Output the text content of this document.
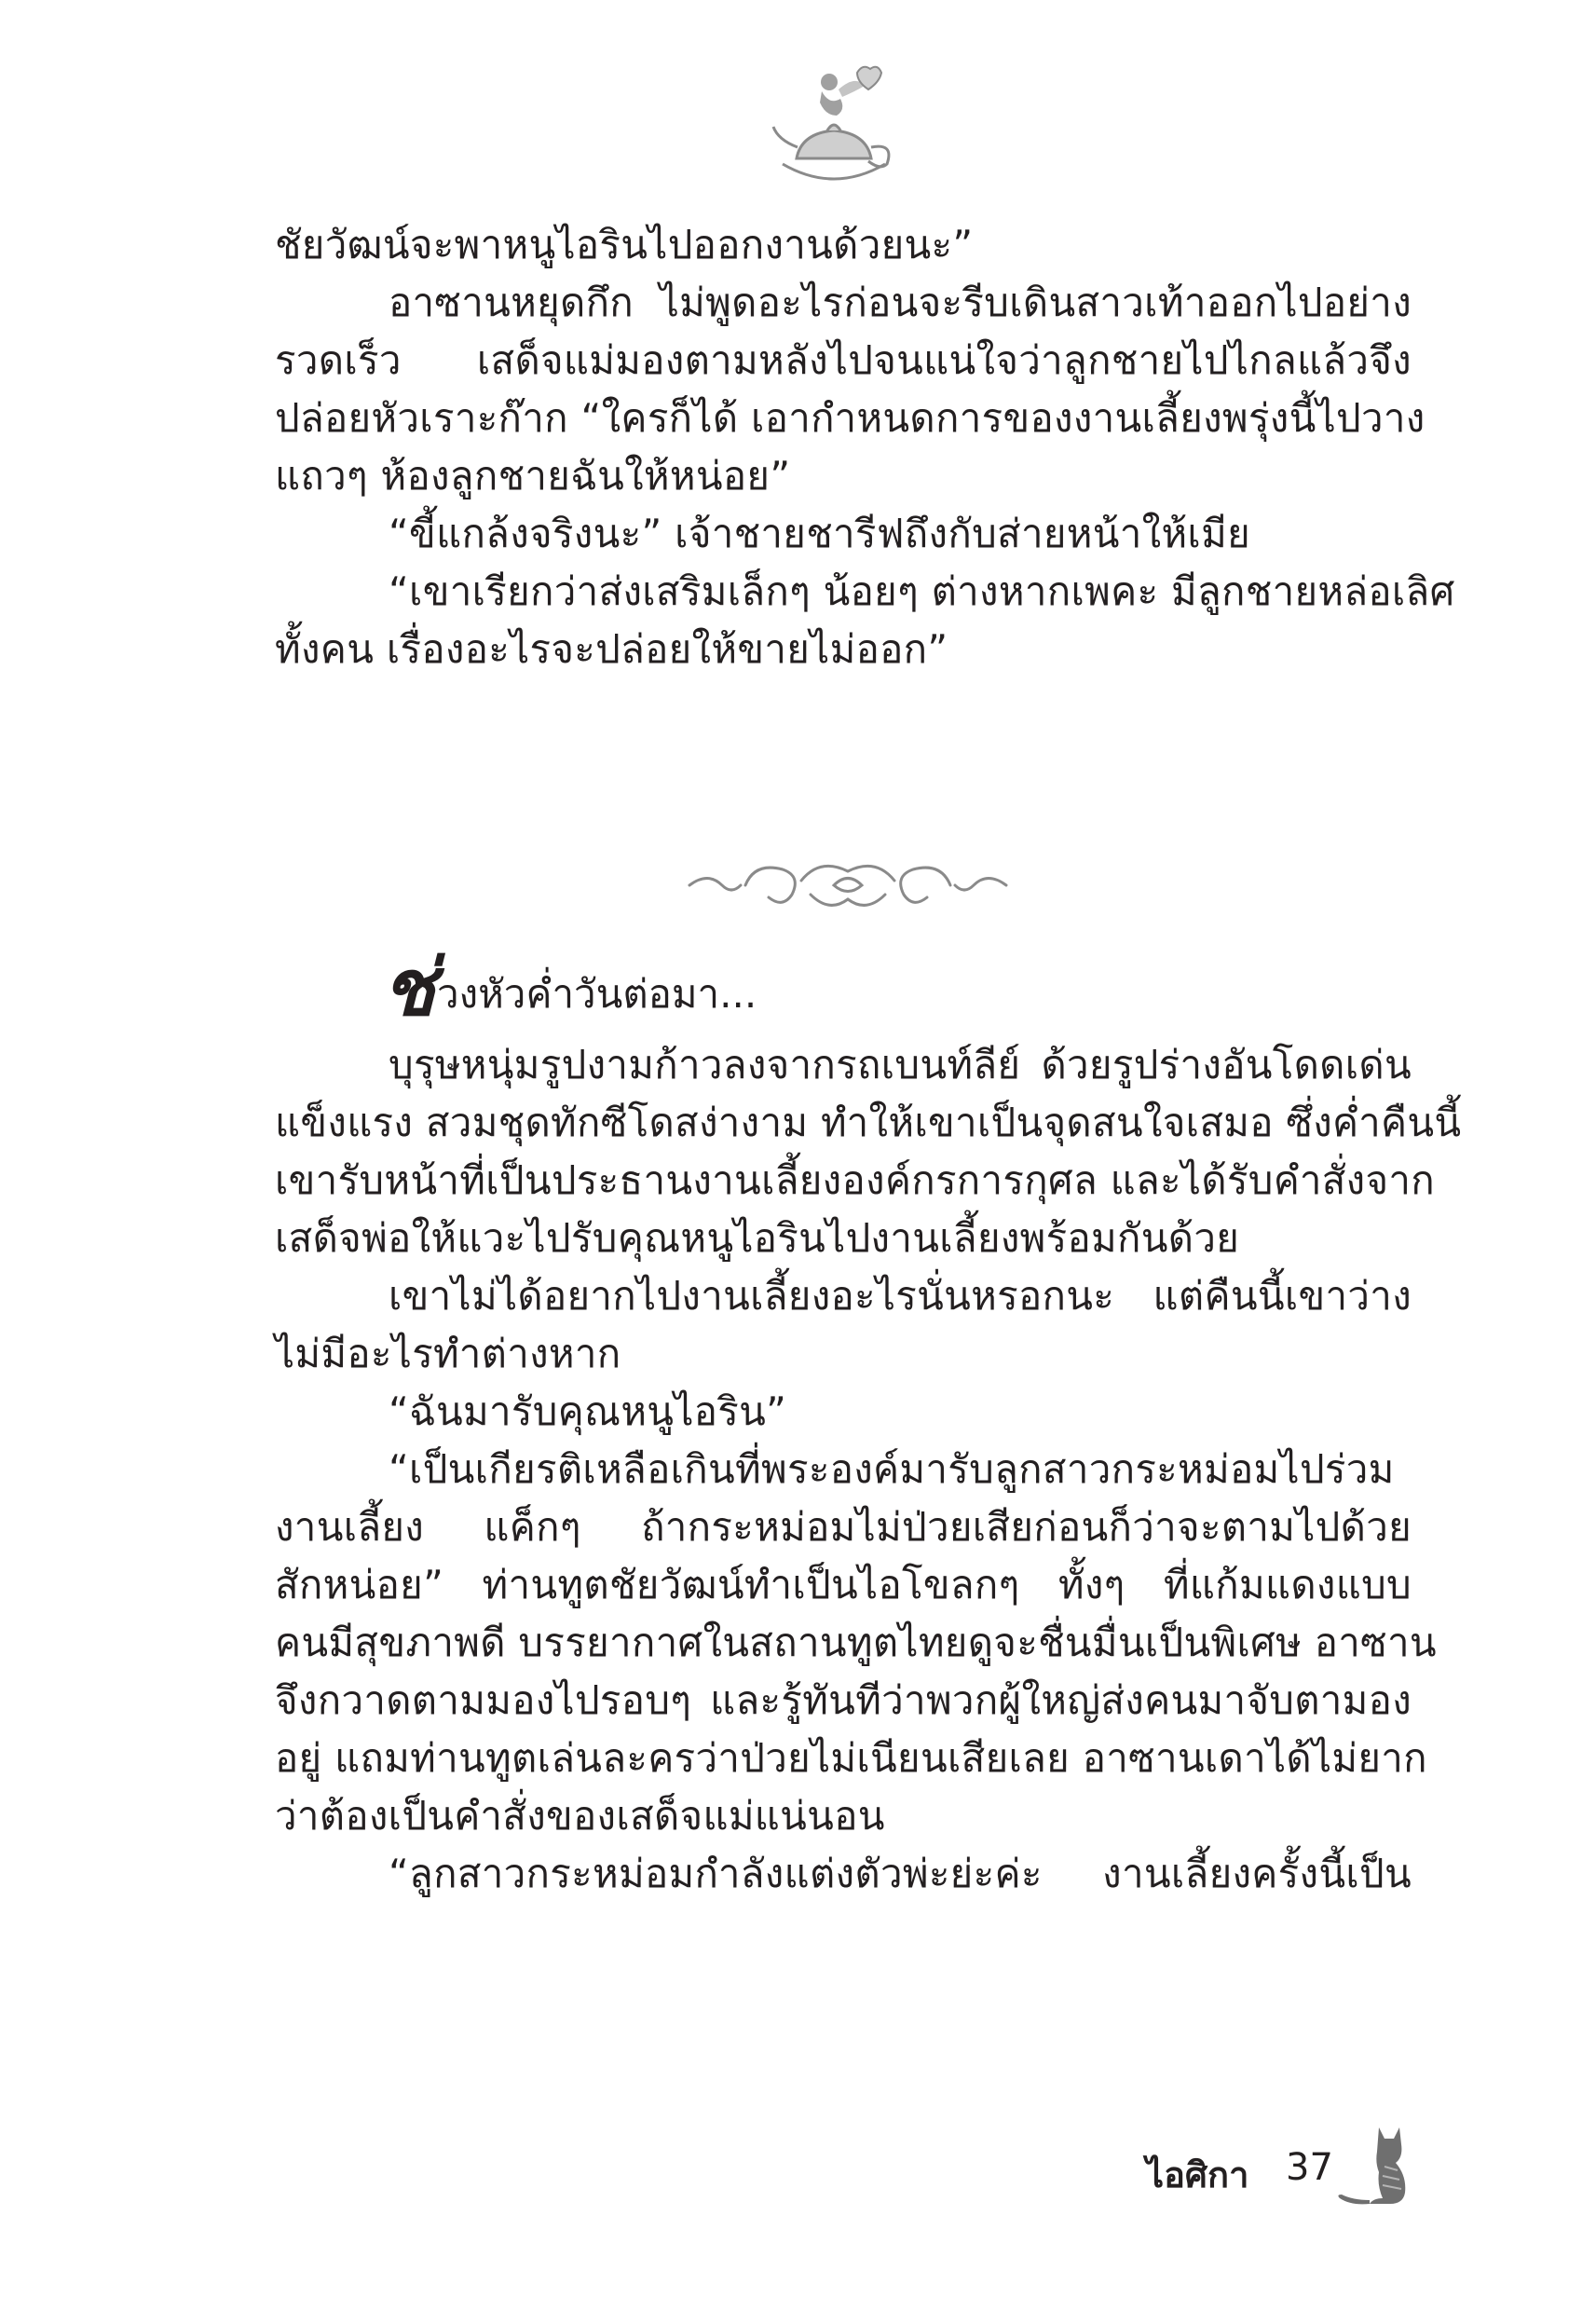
ชัยวัฒน์จะพาหนูไอรินไปออกงานด้วยนะ”
อาซานหยุดกึก ไม่พูดอะไรก่อนจะรีบเดินสาวเท้าออกไปอย่าง
รวดเร็ว เสด็จแม่มองตามหลังไปจนแน่ใจว่าลูกชายไปไกลแล้วจึง
ปล่อยหัวเราะก๊าก “ใครก็ได้ เอากำหนดการของงานเลี้ยงพรุ่งนี้ไปวาง
แถวๆ ห้องลูกชายฉันให้หน่อย”
“ขี้แกล้งจริงนะ” เจ้าชายชารีฟถึงกับส่ายหน้าให้เมีย
“เขาเรียกว่าส่งเสริมเล็กๆ น้อยๆ ต่างหากเพคะ มีลูกชายหล่อเลิศ
ทั้งคน เรื่องอะไรจะปล่อยให้ขายไม่ออก”
ช่วงหัวค่ำวันต่อมา...
บุรุษหนุ่มรูปงามก้าวลงจากรถเบนท์ลีย์ ด้วยรูปร่างอันโดดเด่น
แข็งแรง สวมชุดทักซีโดสง่างาม ทำให้เขาเป็นจุดสนใจเสมอ ซึ่งค่ำคืนนี้
เขารับหน้าที่เป็นประธานงานเลี้ยงองค์กรการกุศล และได้รับคำสั่งจาก
เสด็จพ่อให้แวะไปรับคุณหนูไอรินไปงานเลี้ยงพร้อมกันด้วย
เขาไม่ได้อยากไปงานเลี้ยงอะไรนั่นหรอกนะ แต่คืนนี้เขาว่าง
ไม่มีอะไรทำต่างหาก
“ฉันมารับคุณหนูไอริน”
“เป็นเกียรติเหลือเกินที่พระองค์มารับลูกสาวกระหม่อมไปร่วม
งานเลี้ยง แค็กๆ ถ้ากระหม่อมไม่ป่วยเสียก่อนก็ว่าจะตามไปด้วย
สักหน่อย” ท่านทูตชัยวัฒน์ทำเป็นไอโขลกๆ ทั้งๆ ที่แก้มแดงแบบ
คนมีสุขภาพดี บรรยากาศในสถานทูตไทยดูจะชื่นมื่นเป็นพิเศษ อาซาน
จึงกวาดตามมองไปรอบๆ และรู้ทันทีว่าพวกผู้ใหญ่ส่งคนมาจับตามอง
อยู่ แถมท่านทูตเล่นละครว่าป่วยไม่เนียนเสียเลย อาซานเดาได้ไม่ยาก
ว่าต้องเป็นคำสั่งของเสด็จแม่แน่นอน
“ลูกสาวกระหม่อมกำลังแต่งตัวพ่ะย่ะค่ะ งานเลี้ยงครั้งนี้เป็น
ไอศิกา 37
